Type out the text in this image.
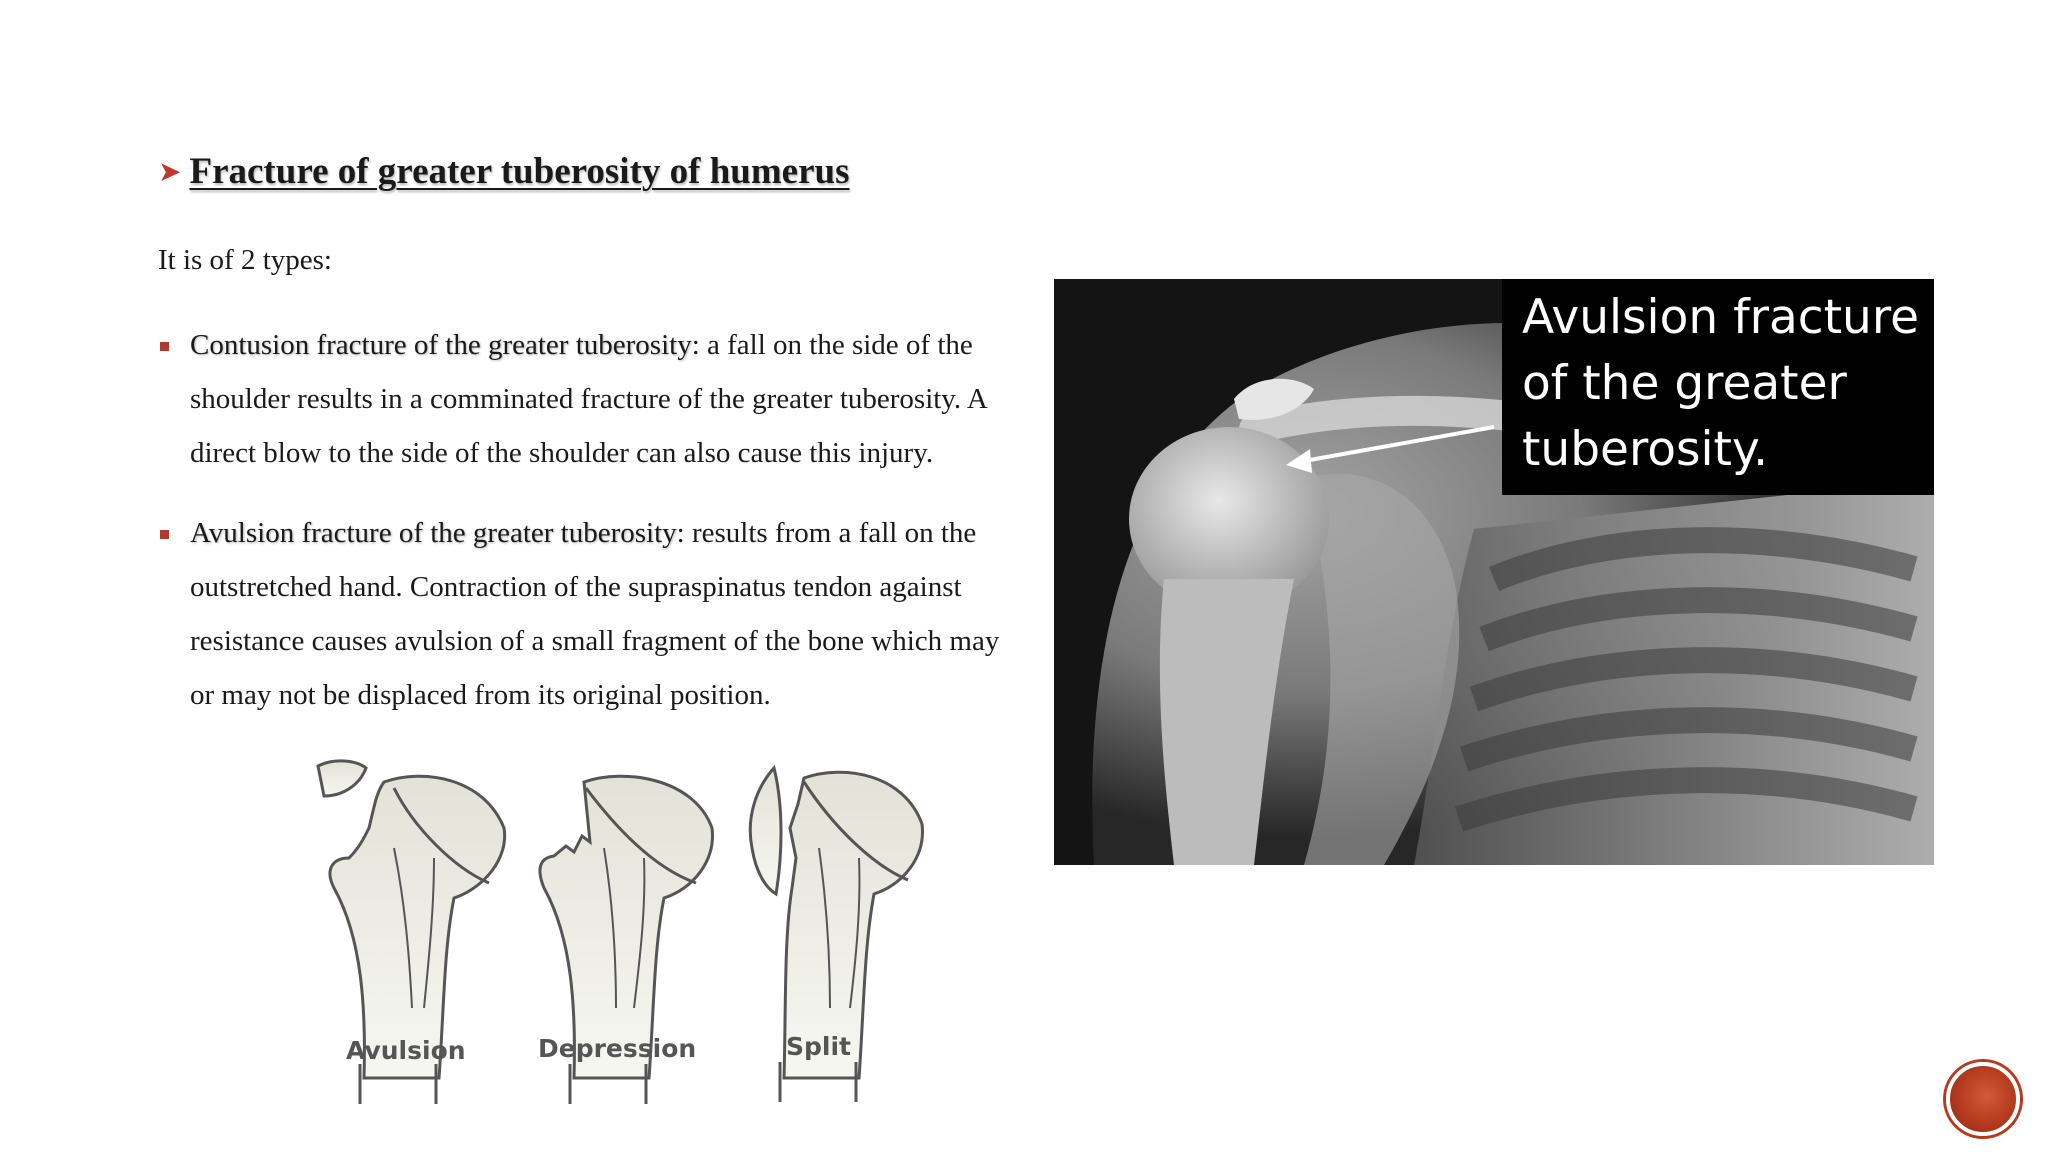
➤ Fracture of greater tuberosity of humerus
It is of 2 types:
Contusion fracture of the greater tuberosity: a fall on the side of the shoulder results in a comminated fracture of the greater tuberosity. A direct blow to the side of the shoulder can also cause this injury.
Avulsion fracture of the greater tuberosity: results from a fall on the outstretched hand. Contraction of the supraspinatus tendon against resistance causes avulsion of a small fragment of the bone which may or may not be displaced from its original position.
Avulsion fracture
of the greater
tuberosity.
Avulsion	Depression	Split
